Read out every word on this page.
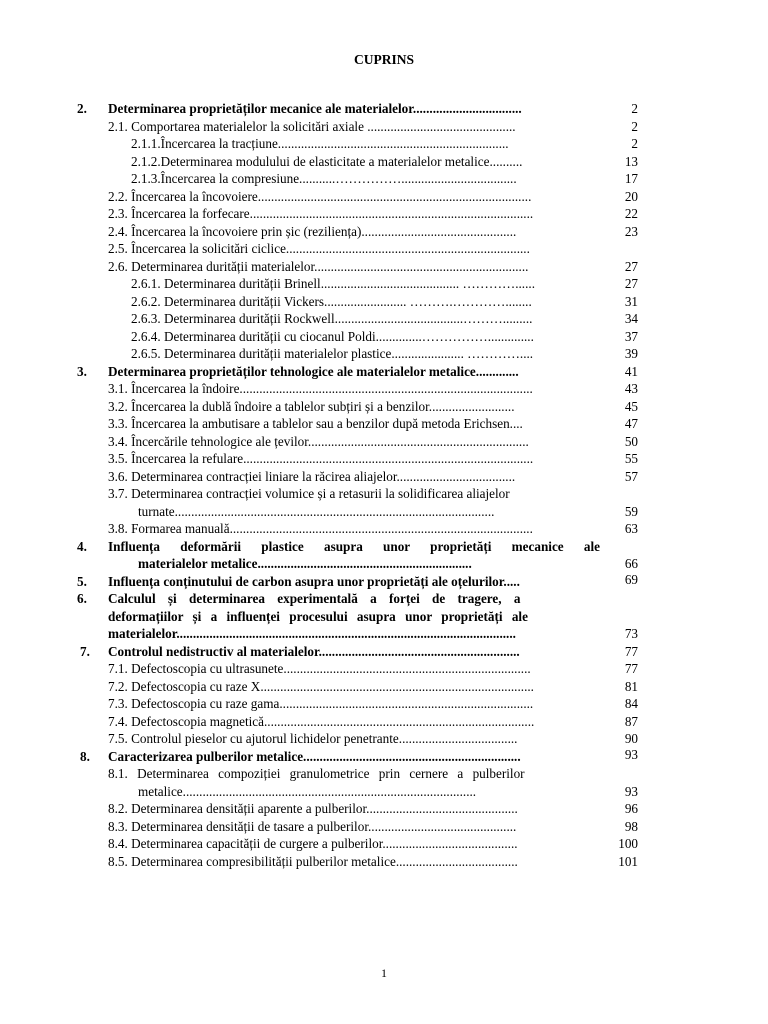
CUPRINS
2. Determinarea proprietăților mecanice ale materialelor.................................	2
2.1. Comportarea materialelor la solicitări axiale .............................................	2
2.1.1.Încercarea la tracțiune......................................................................	2
2.1.2.Determinarea modulului de elasticitate a materialelor metalice..........	13
2.1.3.Încercarea la compresiune...........……………...................................	17
2.2. Încercarea la încovoiere...................................................................................	20
2.3. Încercarea la forfecare......................................................................................	22
2.4. Încercarea la încovoiere prin șic (reziliența)...............................................	23
2.5. Încercarea la solicitări ciclice..........................................................................
2.6. Determinarea durității materialelor.................................................................	27
2.6.1. Determinarea durității Brinell.......................................... …………......	27
2.6.2. Determinarea durității Vickers......................... ……….…………........	31
2.6.3. Determinarea durității Rockwell.......................................……….........	34
2.6.4. Determinarea durității cu ciocanul Poldi..............……………..............	37
2.6.5. Determinarea durității materialelor plastice...................... …………....	39
3. Determinarea proprietăților tehnologice ale materialelor metalice.............	41
3.1. Încercarea la îndoire.........................................................................................	43
3.2. Încercarea la dublă îndoire a tablelor subțiri și a benzilor..........................	45
3.3. Încercarea la ambutisare a tablelor sau a benzilor după metoda Erichsen....	47
3.4. Încercările tehnologice ale țevilor...................................................................	50
3.5. Încercarea la refulare........................................................................................	55
3.6. Determinarea contracției liniare la răcirea aliajelor....................................	57
3.7. Determinarea contracției volumice și a retasurii la solidificarea aliajelor
turnate.................................................................................................	59
3.8. Formarea manuală............................................................................................	63
4. Influența deformării plastice asupra unor proprietăți mecanice ale
materialelor metalice.................................................................	66
5. Influența conținutului de carbon asupra unor proprietăți ale oțelurilor.....	69
6. Calculul și determinarea experimentală a forței de tragere, a
deformațiilor și a influenței procesului asupra unor proprietăți ale
materialelor.......................................................................................................	73
7. Controlul nedistructiv al materialelor.............................................................	77
7.1. Defectoscopia cu ultrasunete...........................................................................	77
7.2. Defectoscopia cu raze X...................................................................................	81
7.3. Defectoscopia cu raze gama.............................................................................	84
7.4. Defectoscopia magnetică..................................................................................	87
7.5. Controlul pieselor cu ajutorul lichidelor penetrante....................................	90
8. Caracterizarea pulberilor metalice..................................................................	93
8.1. Determinarea compoziției granulometrice prin cernere a pulberilor
metalice.........................................................................................	93
8.2. Determinarea densității aparente a pulberilor..............................................	96
8.3. Determinarea densității de tasare a pulberilor.............................................	98
8.4. Determinarea capacității de curgere a pulberilor.........................................	100
8.5. Determinarea compresibilității pulberilor metalice.....................................	101
1
